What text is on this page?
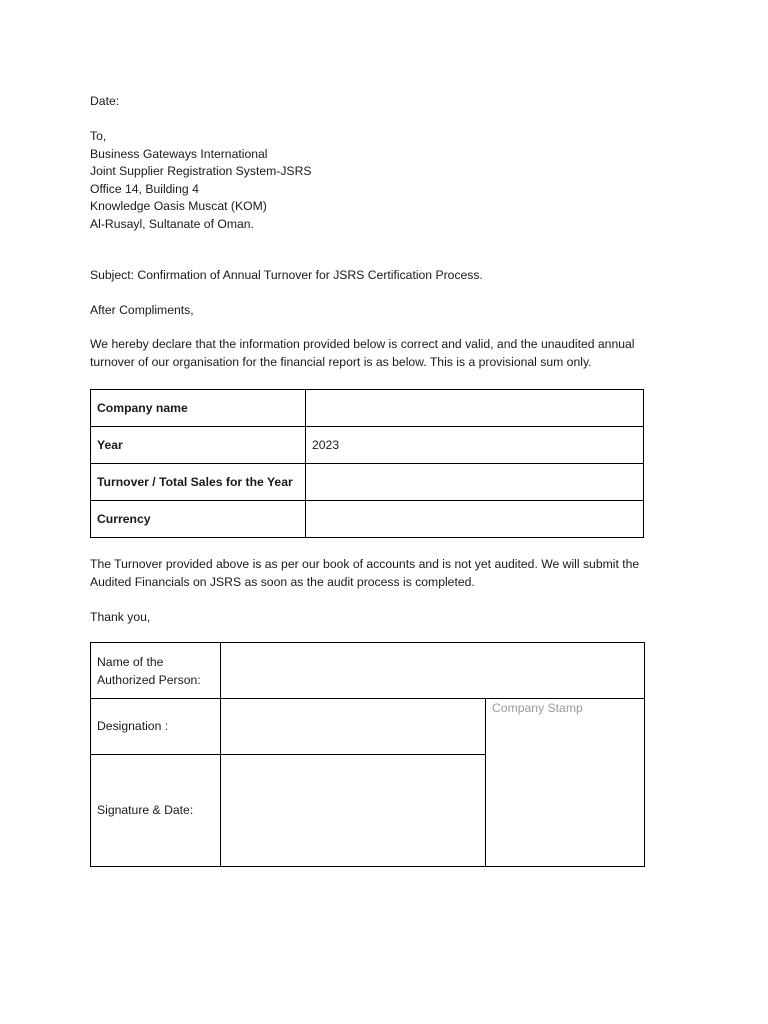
Date:
To,
Business Gateways International
Joint Supplier Registration System-JSRS
Office 14, Building 4
Knowledge Oasis Muscat (KOM)
Al-Rusayl, Sultanate of Oman.
Subject: Confirmation of Annual Turnover for JSRS Certification Process.
After Compliments,
We hereby declare that the information provided below is correct and valid, and the unaudited annual
turnover of our organisation for the financial report is as below. This is a provisional sum only.
Company name	
Year	2023
Turnover / Total Sales for the Year	
Currency	
The Turnover provided above is as per our book of accounts and is not yet audited. We will submit the
Audited Financials on JSRS as soon as the audit process is completed.
Thank you,
Name of the
Authorized Person:
Designation :
Signature & Date:
Company Stamp
